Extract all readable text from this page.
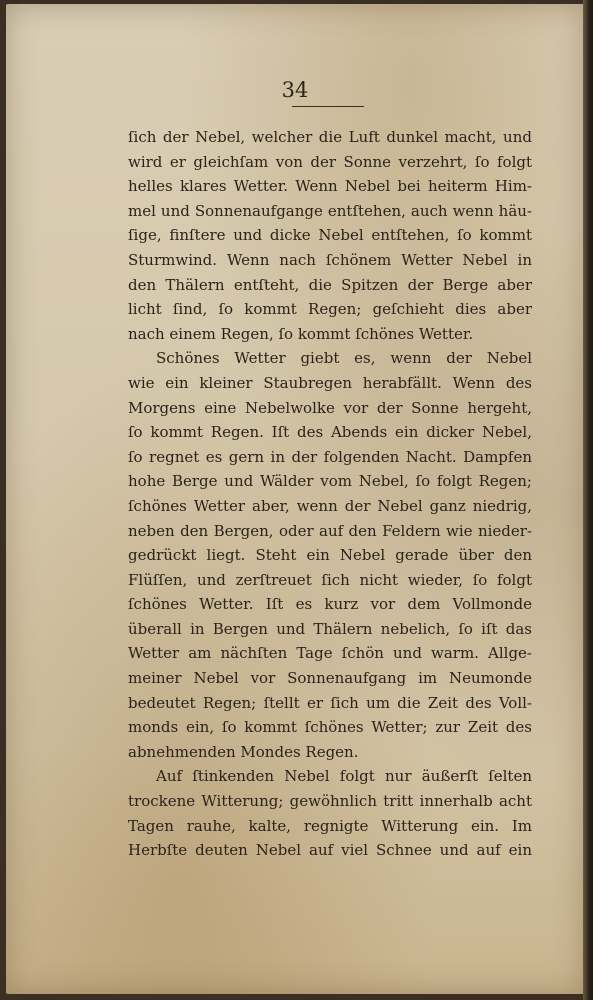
34
ſich der Nebel, welcher die Luft dunkel macht, und
wird er gleichſam von der Sonne verzehrt, ſo folgt
helles klares Wetter. Wenn Nebel bei heiterm Him-
mel und Sonnenaufgange entſtehen, auch wenn häu-
ſige, finſtere und dicke Nebel entſtehen, ſo kommt
Sturmwind. Wenn nach ſchönem Wetter Nebel in
den Thälern entſteht, die Spitzen der Berge aber
licht ſind, ſo kommt Regen; geſchieht dies aber
nach einem Regen, ſo kommt ſchönes Wetter.
Schönes Wetter giebt es, wenn der Nebel
wie ein kleiner Staubregen herabfällt. Wenn des
Morgens eine Nebelwolke vor der Sonne hergeht,
ſo kommt Regen. Iſt des Abends ein dicker Nebel,
ſo regnet es gern in der folgenden Nacht. Dampfen
hohe Berge und Wälder vom Nebel, ſo folgt Regen;
ſchönes Wetter aber, wenn der Nebel ganz niedrig,
neben den Bergen, oder auf den Feldern wie nieder-
gedrückt liegt. Steht ein Nebel gerade über den
Flüſſen, und zerſtreuet ſich nicht wieder, ſo folgt
ſchönes Wetter. Iſt es kurz vor dem Vollmonde
überall in Bergen und Thälern nebelich, ſo iſt das
Wetter am nächſten Tage ſchön und warm. Allge-
meiner Nebel vor Sonnenaufgang im Neumonde
bedeutet Regen; ſtellt er ſich um die Zeit des Voll-
monds ein, ſo kommt ſchönes Wetter; zur Zeit des
abnehmenden Mondes Regen.
Auf ſtinkenden Nebel folgt nur äußerſt ſelten
trockene Witterung; gewöhnlich tritt innerhalb acht
Tagen rauhe, kalte, regnigte Witterung ein. Im
Herbſte deuten Nebel auf viel Schnee und auf ein
